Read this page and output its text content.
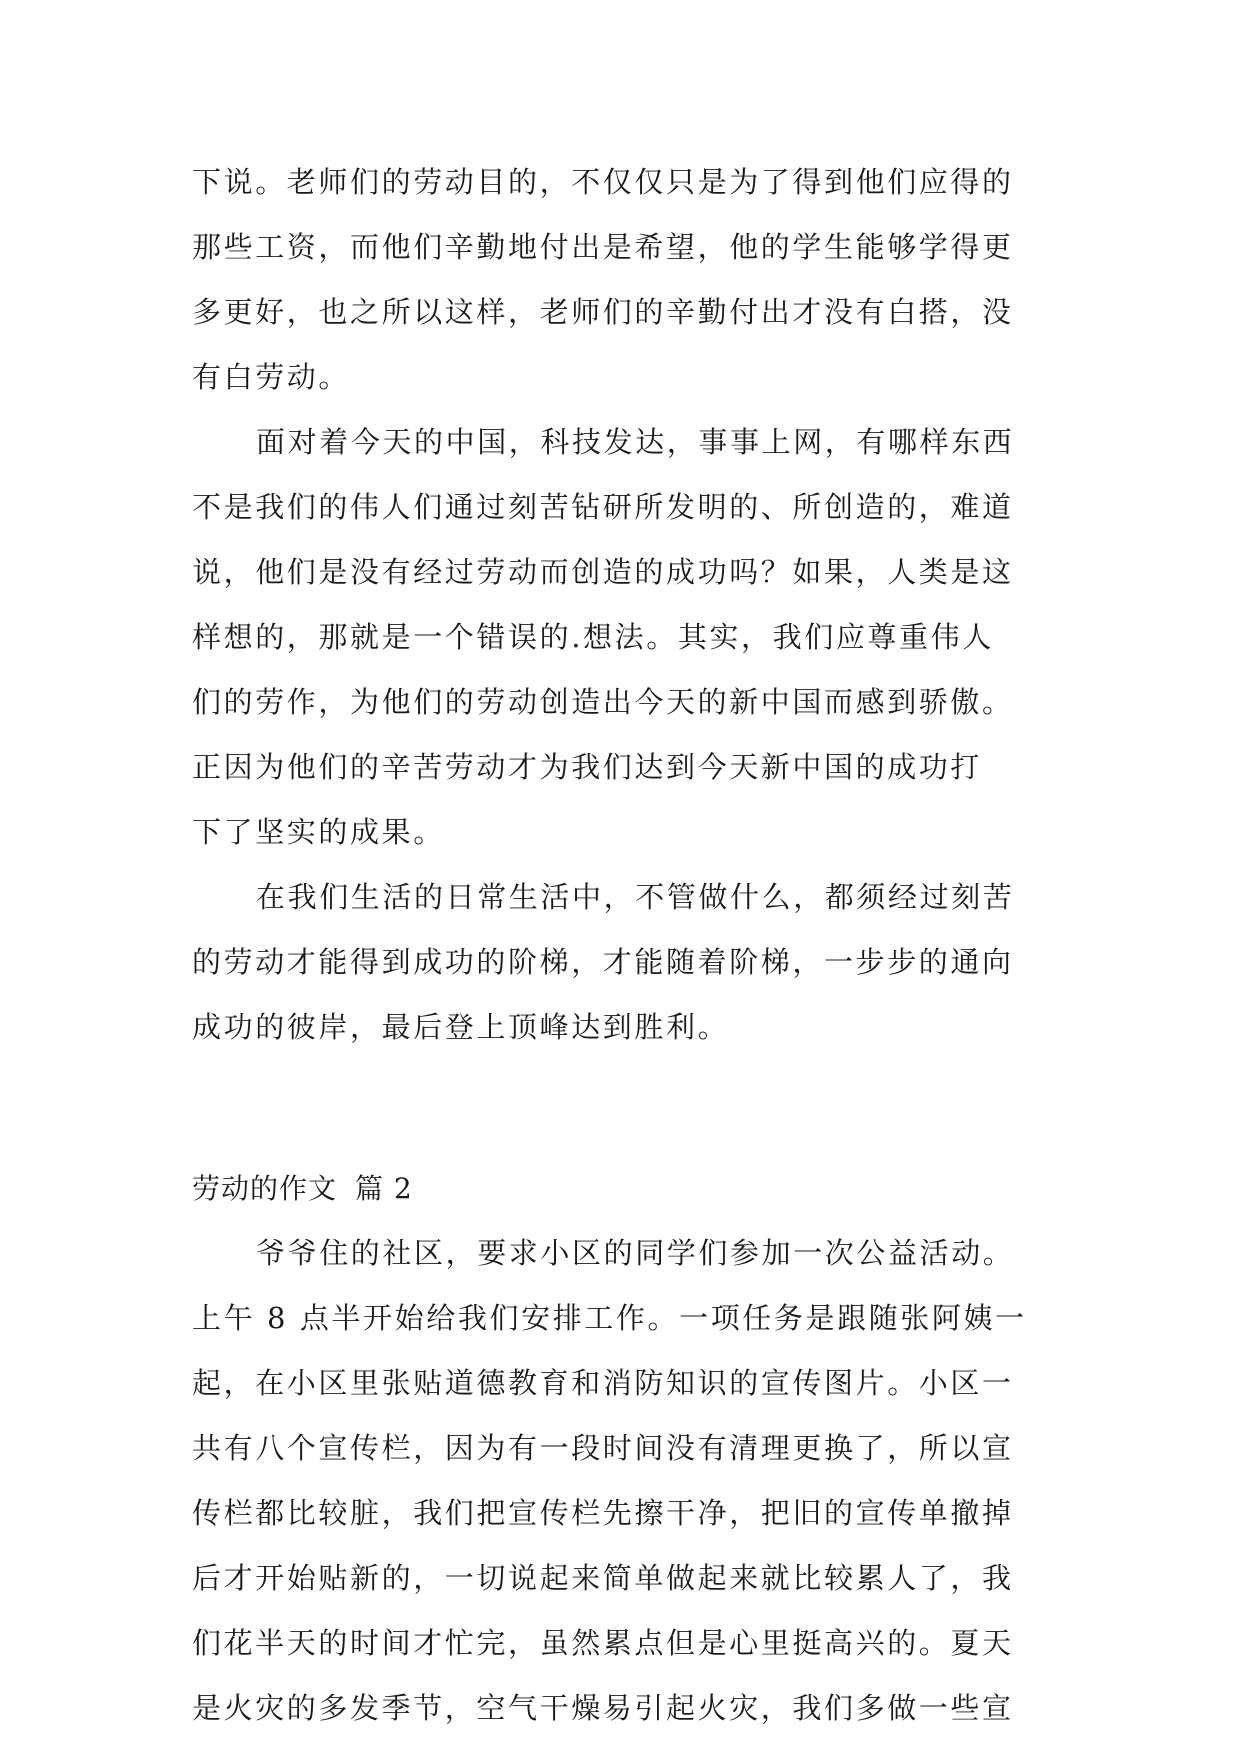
下说。老师们的劳动目的，不仅仅只是为了得到他们应得的
那些工资，而他们辛勤地付出是希望，他的学生能够学得更
多更好，也之所以这样，老师们的辛勤付出才没有白搭，没
有白劳动。
面对着今天的中国，科技发达，事事上网，有哪样东西
不是我们的伟人们通过刻苦钻研所发明的、所创造的，难道
说，他们是没有经过劳动而创造的成功吗？如果，人类是这
样想的，那就是一个错误的.想法。其实，我们应尊重伟人
们的劳作，为他们的劳动创造出今天的新中国而感到骄傲。
正因为他们的辛苦劳动才为我们达到今天新中国的成功打
下了坚实的成果。
在我们生活的日常生活中，不管做什么，都须经过刻苦
的劳动才能得到成功的阶梯，才能随着阶梯，一步步的通向
成功的彼岸，最后登上顶峰达到胜利。
劳动的作文 篇 2
爷爷住的社区，要求小区的同学们参加一次公益活动。
上午 8 点半开始给我们安排工作。一项任务是跟随张阿姨一
起，在小区里张贴道德教育和消防知识的宣传图片。小区一
共有八个宣传栏，因为有一段时间没有清理更换了，所以宣
传栏都比较脏，我们把宣传栏先擦干净，把旧的宣传单撤掉
后才开始贴新的，一切说起来简单做起来就比较累人了，我
们花半天的时间才忙完，虽然累点但是心里挺高兴的。夏天
是火灾的多发季节，空气干燥易引起火灾，我们多做一些宣
